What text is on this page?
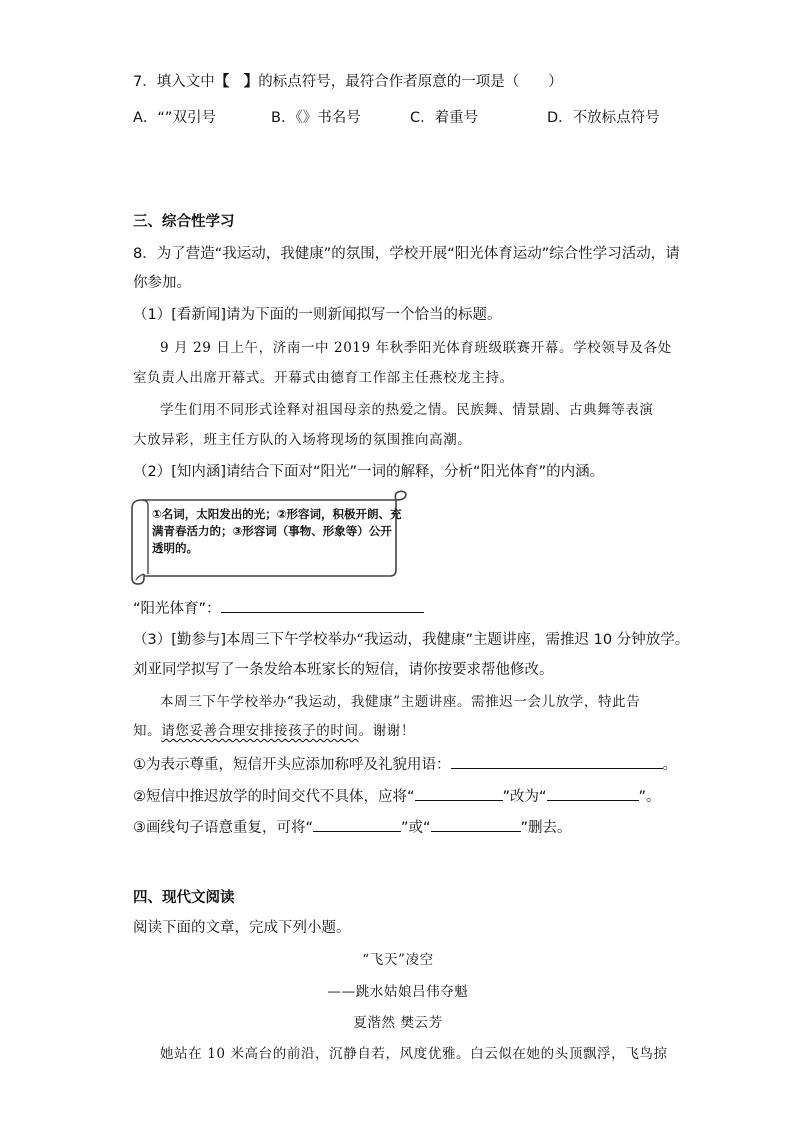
7．填入文中【　】的标点符号，最符合作者原意的一项是（　　）
A．“”双引号	B．《》书名号	C．着重号	D．不放标点符号
三、综合性学习
8．为了营造“我运动，我健康”的氛围，学校开展“阳光体育运动”综合性学习活动，请
你参加。
（1）[看新闻]请为下面的一则新闻拟写一个恰当的标题。
9 月 29 日上午，济南一中 2019 年秋季阳光体育班级联赛开幕。学校领导及各处
室负责人出席开幕式。开幕式由德育工作部主任燕校龙主持。
学生们用不同形式诠释对祖国母亲的热爱之情。民族舞、情景剧、古典舞等表演
大放异彩，班主任方队的入场将现场的氛围推向高潮。
（2）[知内涵]请结合下面对“阳光”一词的解释，分析“阳光体育”的内涵。
①名词，太阳发出的光；②形容词，积极开朗、充满青春活力的；③形容词（事物、形象等）公开透明的。
“阳光体育”：
（3）[勤参与]本周三下午学校举办“我运动，我健康”主题讲座，需推迟 10 分钟放学。
刘亚同学拟写了一条发给本班家长的短信，请你按要求帮他修改。
本周三下午学校举办“我运动，我健康”主题讲座。需推迟一会儿放学，特此告
知。请您妥善合理安排接孩子的时间。谢谢！
①为表示尊重，短信开头应添加称呼及礼貌用语：	。
②短信中推迟放学的时间交代不具体，应将“	”改为“	”。
③画线句子语意重复，可将“	”或“	”删去。
四、现代文阅读
阅读下面的文章，完成下列小题。
“飞天”凌空
——跳水姑娘吕伟夺魁
夏湝然 樊云芳
她站在 10 米高台的前沿，沉静自若，风度优雅。白云似在她的头顶飘浮，飞鸟掠
